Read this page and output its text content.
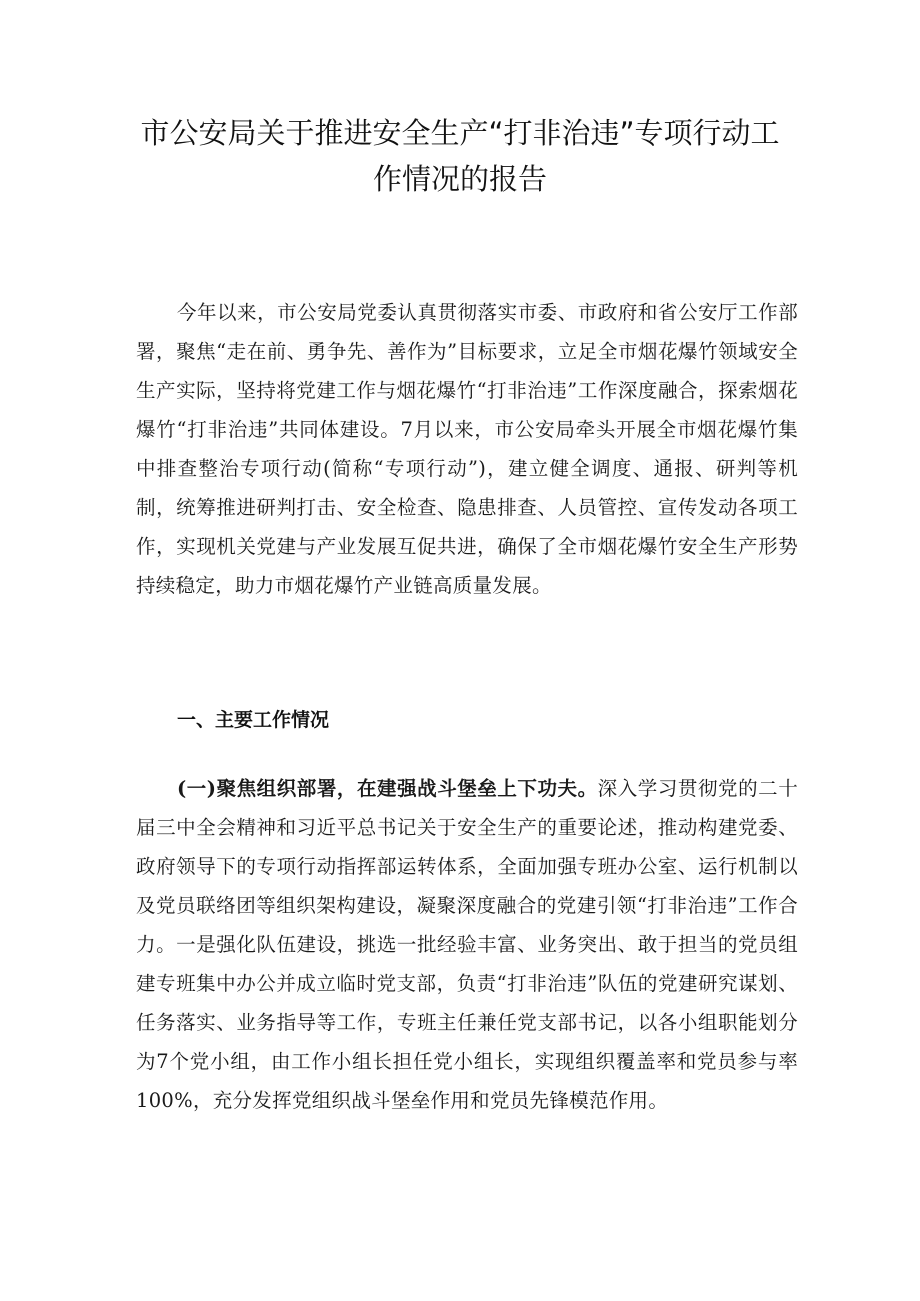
市公安局关于推进安全生产“打非治违”专项行动工
作情况的报告

今年以来，市公安局党委认真贯彻落实市委、市政府和省公安厅工作部署，聚焦“走在前、勇争先、善作为”目标要求，立足全市烟花爆竹领域安全生产实际，坚持将党建工作与烟花爆竹“打非治违”工作深度融合，探索烟花爆竹“打非治违”共同体建设。7月以来，市公安局牵头开展全市烟花爆竹集中排查整治专项行动(简称“专项行动”)，建立健全调度、通报、研判等机制，统筹推进研判打击、安全检查、隐患排查、人员管控、宣传发动各项工作，实现机关党建与产业发展互促共进，确保了全市烟花爆竹安全生产形势持续稳定，助力市烟花爆竹产业链高质量发展。

一、主要工作情况

(一)聚焦组织部署，在建强战斗堡垒上下功夫。深入学习贯彻党的二十届三中全会精神和习近平总书记关于安全生产的重要论述，推动构建党委、政府领导下的专项行动指挥部运转体系，全面加强专班办公室、运行机制以及党员联络团等组织架构建设，凝聚深度融合的党建引领“打非治违”工作合力。一是强化队伍建设，挑选一批经验丰富、业务突出、敢于担当的党员组建专班集中办公并成立临时党支部，负责“打非治违”队伍的党建研究谋划、任务落实、业务指导等工作，专班主任兼任党支部书记，以各小组职能划分为7个党小组，由工作小组长担任党小组长，实现组织覆盖率和党员参与率100%，充分发挥党组织战斗堡垒作用和党员先锋模范作用。
